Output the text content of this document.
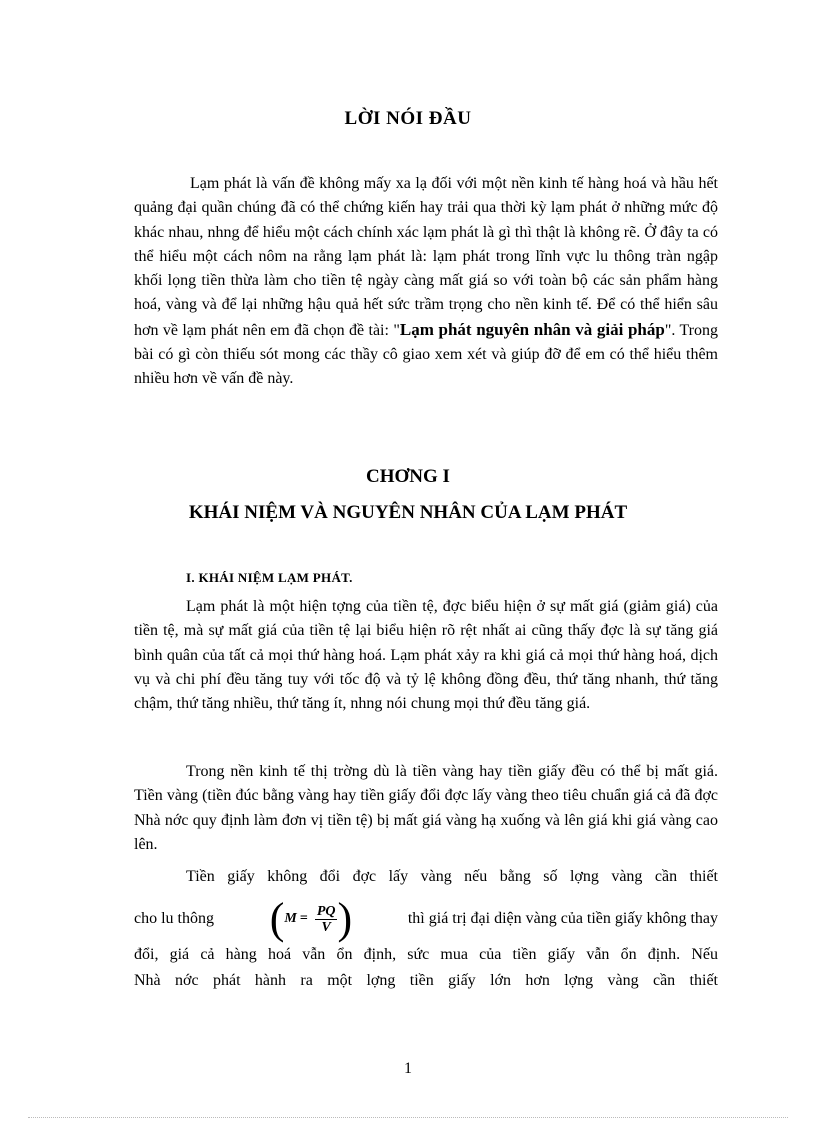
LỜI NÓI ĐẦU
Lạm phát là vấn đề không mấy xa lạ đối với một nền kinh tế hàng hoá và hầu hết quảng đại quần chúng đã có thể chứng kiến hay trải qua thời kỳ lạm phát ở những mức độ khác nhau, nhng để hiểu một cách chính xác lạm phát là gì thì thật là không rẽ. Ở đây ta có thể hiểu một cách nôm na rằng lạm phát là: lạm phát trong lĩnh vực lu thông tràn ngập khối lọng tiền thừa làm cho tiền tệ ngày càng mất giá so với toàn bộ các sản phẩm hàng hoá, vàng và để lại những hậu quả hết sức trầm trọng cho nền kinh tế. Để có thể hiển sâu hơn về lạm phát nên em đã chọn đề tài: "Lạm phát nguyên nhân và giải pháp". Trong bài có gì còn thiếu sót mong các thầy cô giao xem xét và giúp đỡ để em có thể hiểu thêm nhiều hơn về vấn đề này.
CHƠNG I
KHÁI NIỆM VÀ NGUYÊN NHÂN CỦA LẠM PHÁT
I. KHÁI NIỆM LẠM PHÁT.
Lạm phát là một hiện tợng của tiền tệ, đợc biểu hiện ở sự mất giá (giảm giá) của tiền tệ, mà sự mất giá của tiền tệ lại biểu hiện rõ rệt nhất ai cũng thấy đợc là sự tăng giá bình quân của tất cả mọi thứ hàng hoá. Lạm phát xảy ra khi giá cả mọi thứ hàng hoá, dịch vụ và chi phí đều tăng tuy với tốc độ và tỷ lệ không đồng đều, thứ tăng nhanh, thứ tăng chậm, thứ tăng nhiều, thứ tăng ít, nhng nói chung mọi thứ đều tăng giá.
Trong nền kinh tế thị trờng dù là tiền vàng hay tiền giấy đều có thể bị mất giá. Tiền vàng (tiền đúc bằng vàng hay tiền giấy đổi đợc lấy vàng theo tiêu chuẩn giá cả đã đợc Nhà nớc quy định làm đơn vị tiền tệ) bị mất giá vàng hạ xuống và lên giá khi giá vàng cao lên.
Tiền giấy không đổi đợc lấy vàng nếu bằng số lợng vàng cần thiết
cho lu thông ( $M = \frac{PQ}{V}$ )	thì giá trị đại diện vàng của tiền giấy không thay
đổi, giá cả hàng hoá vẫn ổn định, sức mua của tiền giấy vẫn ổn định. Nếu
Nhà nớc phát hành ra một lợng tiền giấy lớn hơn lợng vàng cần thiết
1
